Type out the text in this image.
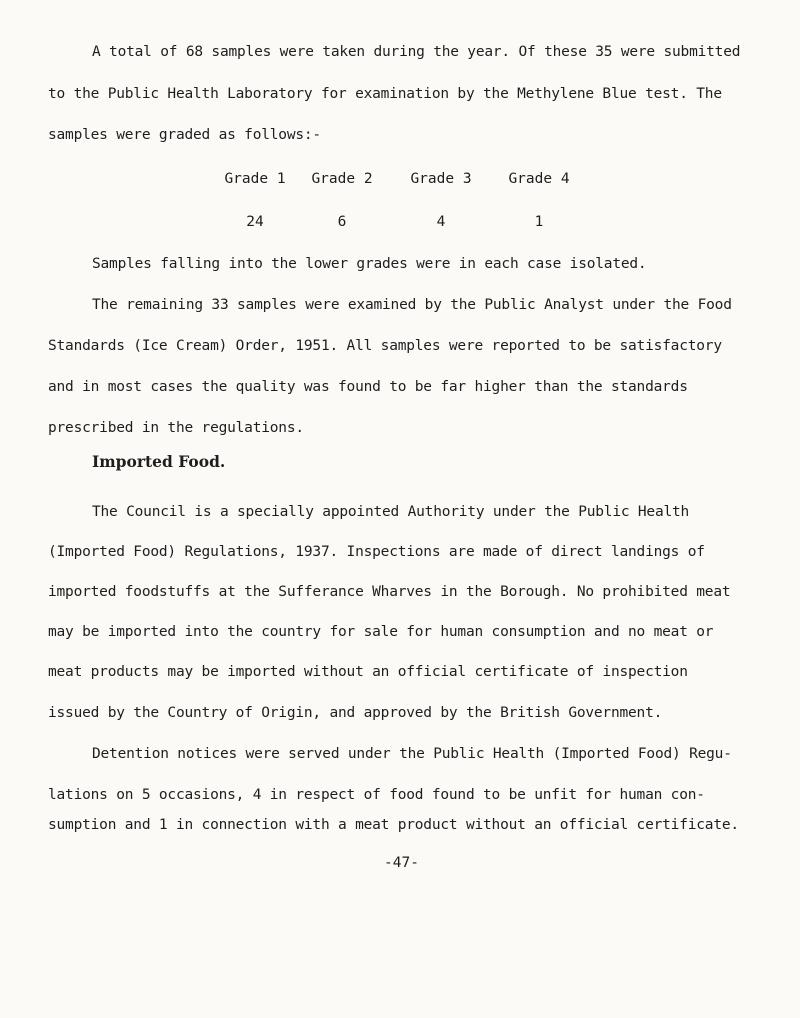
A total of 68 samples were taken during the year. Of these 35 were submitted
to the Public Health Laboratory for examination by the Methylene Blue test. The
samples were graded as follows:-
Grade 1	Grade 2	Grade 3	Grade 4
24	6	4	1
Samples falling into the lower grades were in each case isolated.
The remaining 33 samples were examined by the Public Analyst under the Food
Standards (Ice Cream) Order, 1951. All samples were reported to be satisfactory
and in most cases the quality was found to be far higher than the standards
prescribed in the regulations.
Imported Food.
The Council is a specially appointed Authority under the Public Health
(Imported Food) Regulations, 1937. Inspections are made of direct landings of
imported foodstuffs at the Sufferance Wharves in the Borough. No prohibited meat
may be imported into the country for sale for human consumption and no meat or
meat products may be imported without an official certificate of inspection
issued by the Country of Origin, and approved by the British Government.
Detention notices were served under the Public Health (Imported Food) Regu-
lations on 5 occasions, 4 in respect of food found to be unfit for human con-
sumption and 1 in connection with a meat product without an official certificate.
-47-
